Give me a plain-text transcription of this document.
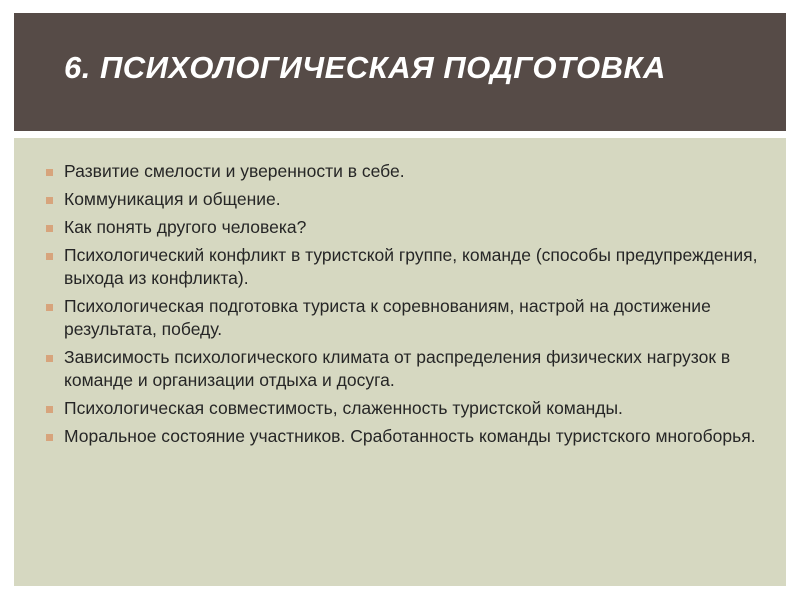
6. ПСИХОЛОГИЧЕСКАЯ ПОДГОТОВКА
Развитие смелости и уверенности в себе.
Коммуникация и общение.
Как понять другого человека?
Психологический конфликт в туристской группе, команде (способы предупреждения, выхода из конфликта).
Психологическая подготовка туриста к соревнованиям, настрой на достижение результата, победу.
Зависимость психологического климата от распределения физических нагрузок в команде и организации отдыха и досуга.
Психологическая совместимость, слаженность туристской команды.
Моральное состояние участников. Сработанность команды туристского многоборья.
